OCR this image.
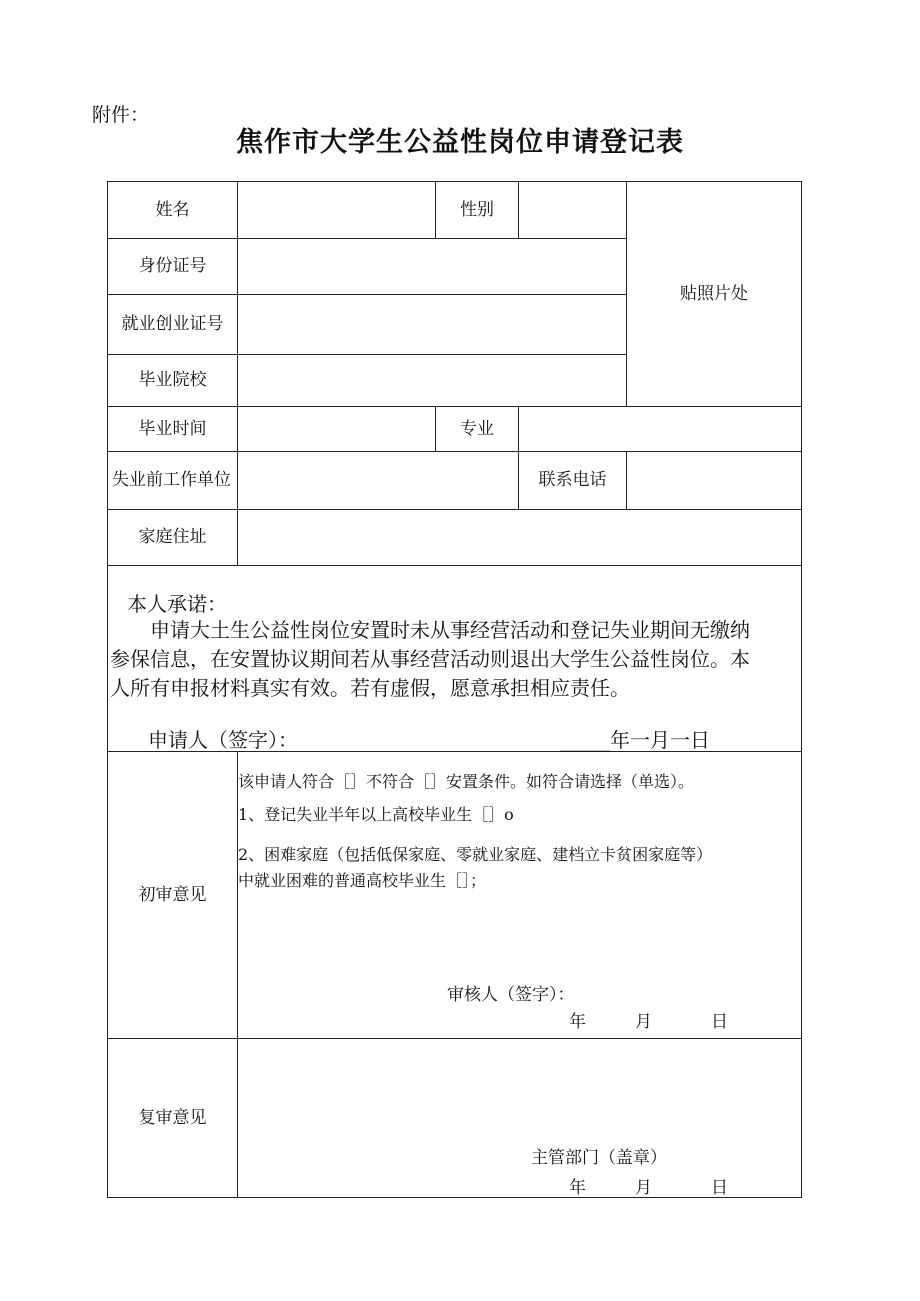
附件：
焦作市大学生公益性岗位申请登记表
姓名	性别
贴照片处
身份证号
就业创业证号
毕业院校
毕业时间	专业
失业前工作单位	联系电话
家庭住址
本人承诺：
申请大土生公益性岗位安置时未从事经营活动和登记失业期间无缴纳
参保信息，在安置协议期间若从事经营活动则退出大学生公益性岗位。本
人所有申报材料真实有效。若有虚假，愿意承担相应责任。
申请人（签字）：	_____年一月一日
初审意见
该申请人符合［］不符合［］安置条件。如符合请选择（单选）。
1、登记失业半年以上高校毕业生［］o
2、困难家庭（包括低保家庭、零就业家庭、建档立卡贫困家庭等）
中就业困难的普通高校毕业生［］；
审核人（签字）：
年	月	日
复审意见
主管部门（盖章）
年	月	日
